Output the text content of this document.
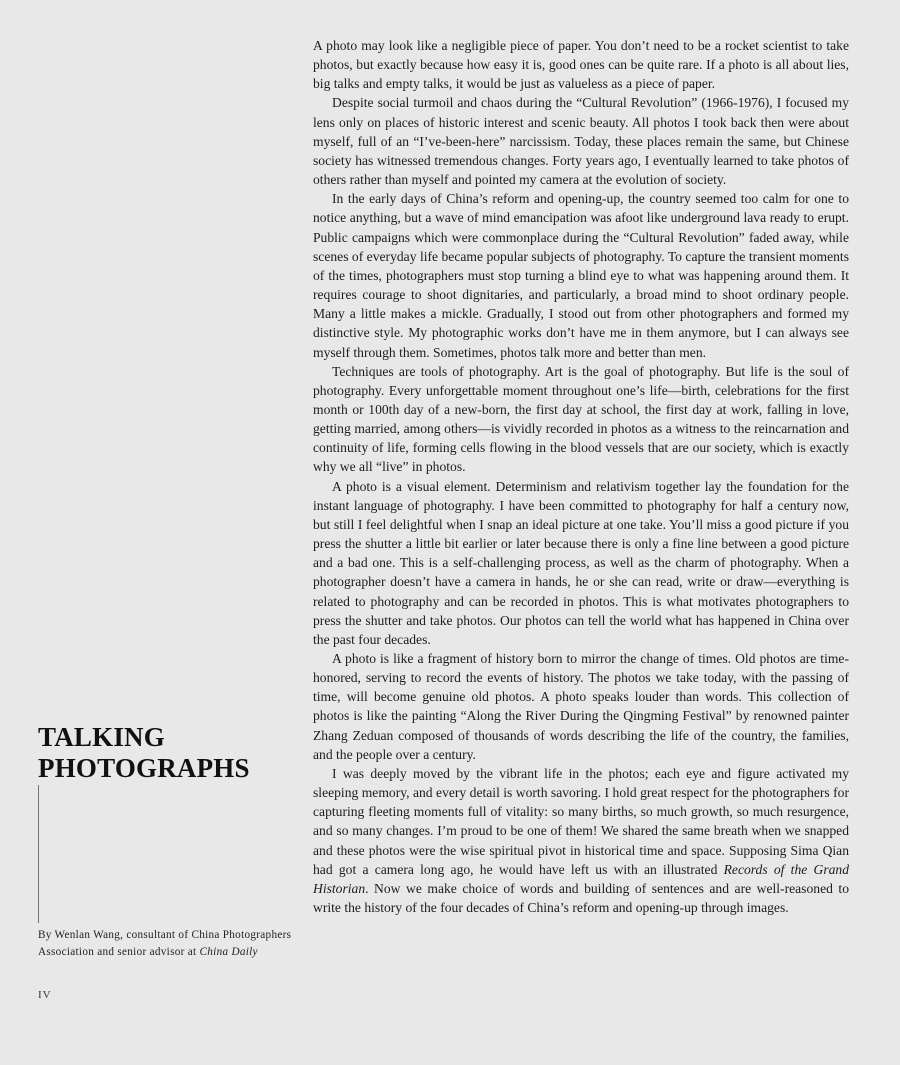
TALKING
PHOTOGRAPHS

By Wenlan Wang, consultant of China Photographers Association and senior advisor at China Daily

IV

A photo may look like a negligible piece of paper. You don’t need to be a rocket scientist to take photos, but exactly because how easy it is, good ones can be quite rare. If a photo is all about lies, big talks and empty talks, it would be just as valueless as a piece of paper.

Despite social turmoil and chaos during the “Cultural Revolution” (1966-1976), I focused my lens only on places of historic interest and scenic beauty. All photos I took back then were about myself, full of an “I’ve-been-here” narcissism. Today, these places remain the same, but Chinese society has witnessed tremendous changes. Forty years ago, I eventually learned to take photos of others rather than myself and pointed my camera at the evolution of society.

In the early days of China’s reform and opening-up, the country seemed too calm for one to notice anything, but a wave of mind emancipation was afoot like underground lava ready to erupt. Public campaigns which were commonplace during the “Cultural Revolution” faded away, while scenes of everyday life became popular subjects of photography. To capture the transient moments of the times, photographers must stop turning a blind eye to what was happening around them. It requires courage to shoot dignitaries, and particularly, a broad mind to shoot ordinary people. Many a little makes a mickle. Gradually, I stood out from other photographers and formed my distinctive style. My photographic works don’t have me in them anymore, but I can always see myself through them. Sometimes, photos talk more and better than men.

Techniques are tools of photography. Art is the goal of photography. But life is the soul of photography. Every unforgettable moment throughout one’s life—birth, celebrations for the first month or 100th day of a new-born, the first day at school, the first day at work, falling in love, getting married, among others—is vividly recorded in photos as a witness to the reincarnation and continuity of life, forming cells flowing in the blood vessels that are our society, which is exactly why we all “live” in photos.

A photo is a visual element. Determinism and relativism together lay the foundation for the instant language of photography. I have been committed to photography for half a century now, but still I feel delightful when I snap an ideal picture at one take. You’ll miss a good picture if you press the shutter a little bit earlier or later because there is only a fine line between a good picture and a bad one. This is a self-challenging process, as well as the charm of photography. When a photographer doesn’t have a camera in hands, he or she can read, write or draw—everything is related to photography and can be recorded in photos. This is what motivates photographers to press the shutter and take photos. Our photos can tell the world what has happened in China over the past four decades.

A photo is like a fragment of history born to mirror the change of times. Old photos are time-honored, serving to record the events of history. The photos we take today, with the passing of time, will become genuine old photos. A photo speaks louder than words. This collection of photos is like the painting “Along the River During the Qingming Festival” by renowned painter Zhang Zeduan composed of thousands of words describing the life of the country, the families, and the people over a century.

I was deeply moved by the vibrant life in the photos; each eye and figure activated my sleeping memory, and every detail is worth savoring. I hold great respect for the photographers for capturing fleeting moments full of vitality: so many births, so much growth, so much resurgence, and so many changes. I’m proud to be one of them! We shared the same breath when we snapped and these photos were the wise spiritual pivot in historical time and space. Supposing Sima Qian had got a camera long ago, he would have left us with an illustrated Records of the Grand Historian. Now we make choice of words and building of sentences and are well-reasoned to write the history of the four decades of China’s reform and opening-up through images.
